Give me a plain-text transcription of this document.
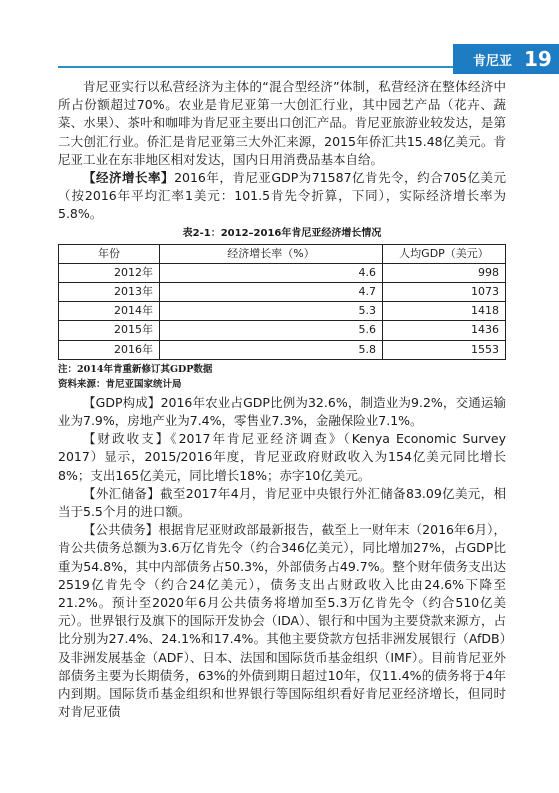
肯尼亚 19

肯尼亚实行以私营经济为主体的“混合型经济”体制，私营经济在整体经济中所占份额超过70%。农业是肯尼亚第一大创汇行业，其中园艺产品（花卉、蔬菜、水果）、茶叶和咖啡为肯尼亚主要出口创汇产品。肯尼亚旅游业较发达，是第二大创汇行业。侨汇是肯尼亚第三大外汇来源，2015年侨汇共15.48亿美元。肯尼亚工业在东非地区相对发达，国内日用消费品基本自给。

【经济增长率】2016年，肯尼亚GDP为71587亿肯先令，约合705亿美元（按2016年平均汇率1美元：101.5肯先令折算，下同），实际经济增长率为5.8%。

表2-1：2012–2016年肯尼亚经济增长情况
年份	经济增长率（%）	人均GDP（美元）
2012年	4.6	998
2013年	4.7	1073
2014年	5.3	1418
2015年	5.6	1436
2016年	5.8	1553
注：2014年肯重新修订其GDP数据
资料来源：肯尼亚国家统计局

【GDP构成】2016年农业占GDP比例为32.6%，制造业为9.2%，交通运输业为7.9%，房地产业为7.4%，零售业7.3%，金融保险业7.1%。

【财政收支】《2017年肯尼亚经济调查》（Kenya Economic Survey 2017）显示，2015/2016年度，肯尼亚政府财政收入为154亿美元同比增长8%；支出165亿美元，同比增长18%；赤字10亿美元。

【外汇储备】截至2017年4月，肯尼亚中央银行外汇储备83.09亿美元，相当于5.5个月的进口额。

【公共债务】根据肯尼亚财政部最新报告，截至上一财年末（2016年6月），肯公共债务总额为3.6万亿肯先令（约合346亿美元），同比增加27%，占GDP比重为54.8%，其中内部债务占50.3%，外部债务占49.7%。整个财年债务支出达2519亿肯先令（约合24亿美元），债务支出占财政收入比由24.6%下降至21.2%。预计至2020年6月公共债务将增加至5.3万亿肯先令（约合510亿美元）。世界银行及旗下的国际开发协会（IDA）、银行和中国为主要贷款来源方，占比分别为27.4%、24.1%和17.4%。其他主要贷款方包括非洲发展银行（AfDB）及非洲发展基金（ADF）、日本、法国和国际货币基金组织（IMF）。目前肯尼亚外部债务主要为长期债务，63%的外债到期日超过10年，仅11.4%的债务将于4年内到期。国际货币基金组织和世界银行等国际组织看好肯尼亚经济增长，但同时对肯尼亚债
